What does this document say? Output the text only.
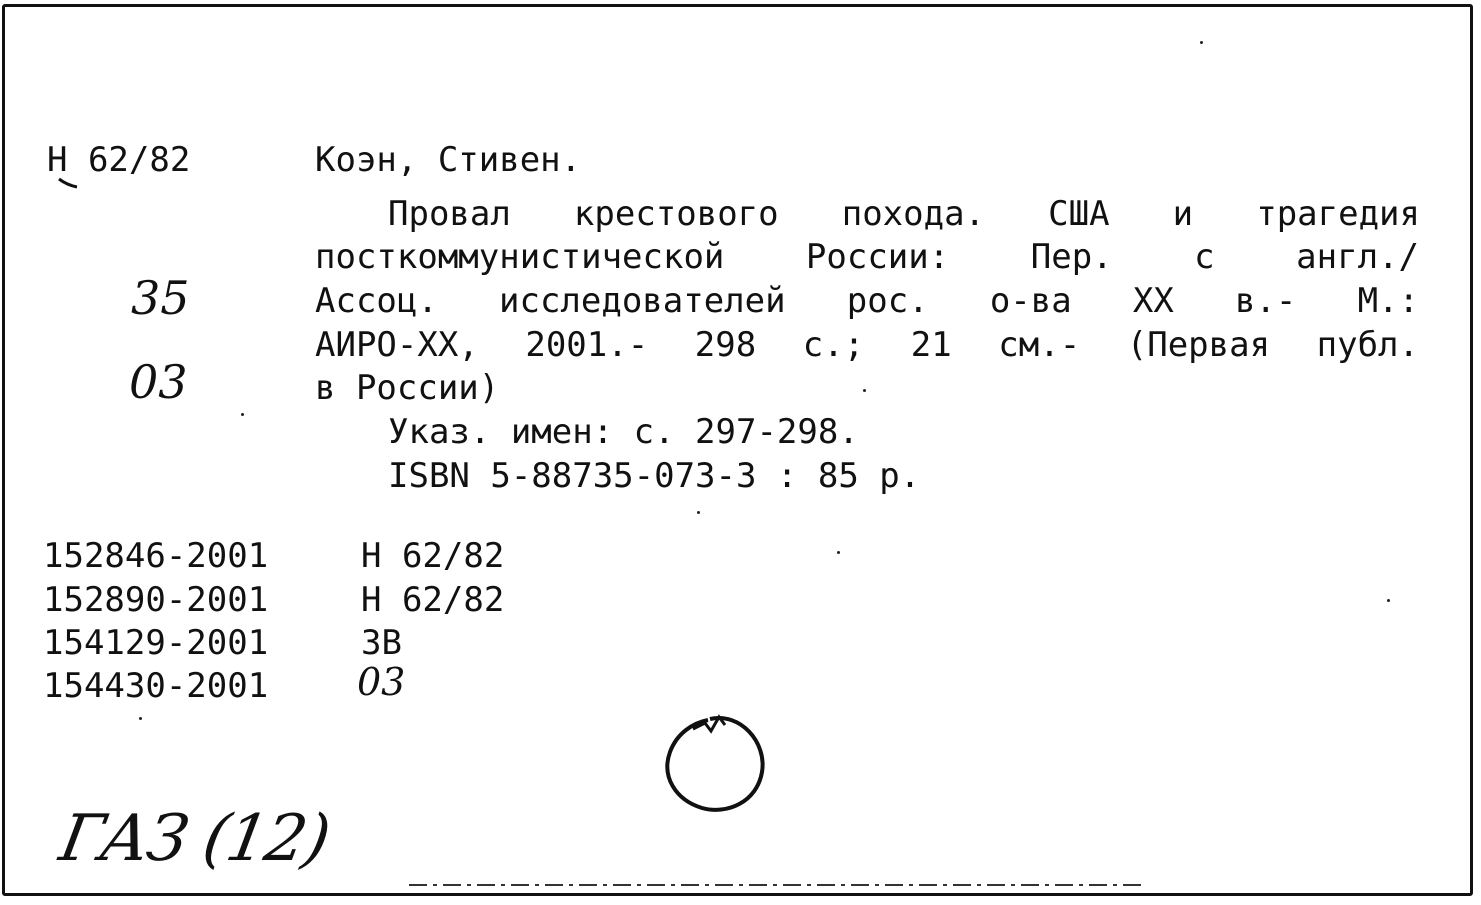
Н 62/82	Коэн, Стивен.
Провал крестового похода. США и трагедия
посткоммунистической России: Пер. с англ./
Ассоц. исследователей рос. о-ва XX в.- М.:
АИРО-XX, 2001.- 298 с.; 21 см.- (Первая публ.
в России)
Указ. имен: с. 297-298.
ISBN 5-88735-073-3 : 85 р.
35
03
152846-2001	Н 62/82
152890-2001	Н 62/82
154129-2001	3В
154430-2001 03
ГАЗ (12)
